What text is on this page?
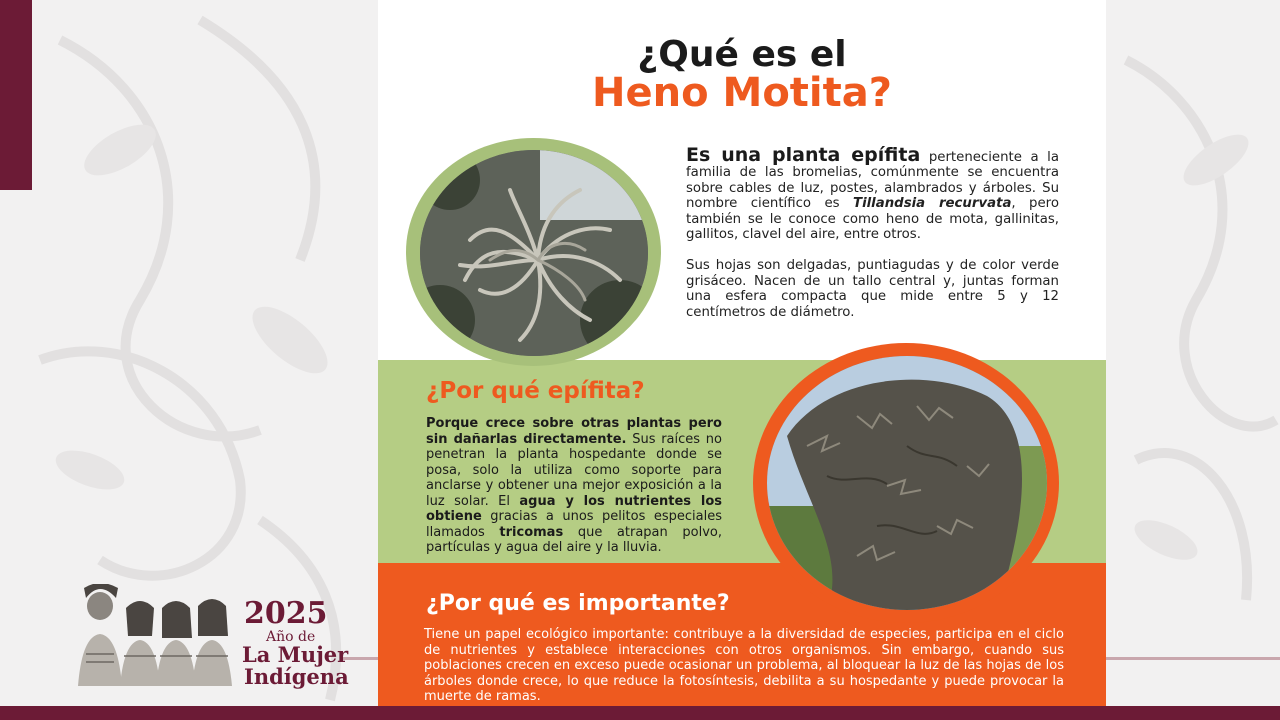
¿Qué es el
Heno Motita?

Es una planta epífita perteneciente a la familia de las bromelias, comúnmente se encuentra sobre cables de luz, postes, alambrados y árboles. Su nombre científico es Tillandsia recurvata, pero también se le conoce como heno de mota, gallinitas, gallitos, clavel del aire, entre otros.

Sus hojas son delgadas, puntiagudas y de color verde grisáceo. Nacen de un tallo central y, juntas forman una esfera compacta que mide entre 5 y 12 centímetros de diámetro.

¿Por qué epífita?
Porque crece sobre otras plantas pero sin dañarlas directamente. Sus raíces no penetran la planta hospedante donde se posa, solo la utiliza como soporte para anclarse y obtener una mejor exposición a la luz solar. El agua y los nutrientes los obtiene gracias a unos pelitos especiales llamados tricomas que atrapan polvo, partículas y agua del aire y la lluvia.
¿Por qué es importante?
Tiene un papel ecológico importante: contribuye a la diversidad de especies, participa en el ciclo de nutrientes y establece interacciones con otros organismos. Sin embargo, cuando sus poblaciones crecen en exceso puede ocasionar un problema, al bloquear la luz de las hojas de los árboles donde crece, lo que reduce la fotosíntesis, debilita a su hospedante y puede provocar la muerte de ramas.
2025
Año de
La Mujer
Indígena
